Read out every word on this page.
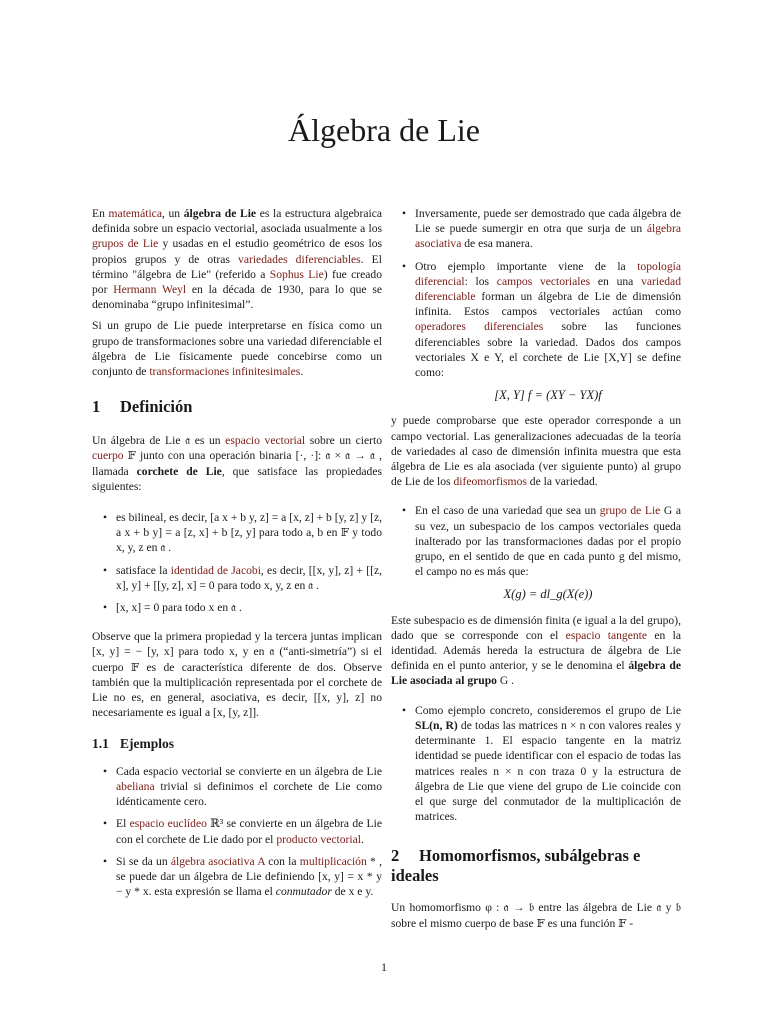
Álgebra de Lie

En matemática, un álgebra de Lie es la estructura algebraica definida sobre un espacio vectorial, asociada usualmente a los grupos de Lie y usadas en el estudio geométrico de esos los propios grupos y de otras variedades diferenciables. El término "álgebra de Lie" (referido a Sophus Lie) fue creado por Hermann Weyl en la década de 1930, para lo que se denominaba “grupo infinitesimal”.

Si un grupo de Lie puede interpretarse en física como un grupo de transformaciones sobre una variedad diferenciable el álgebra de Lie físicamente puede concebirse como un conjunto de transformaciones infinitesimales.

1 Definición

Un álgebra de Lie 𝔞 es un espacio vectorial sobre un cierto cuerpo 𝔽 junto con una operación binaria [·, ·]: 𝔞 × 𝔞 → 𝔞 , llamada corchete de Lie, que satisface las propiedades siguientes:

• es bilineal, es decir, [a x + b y, z] = a [x, z] + b [y, z] y [z, a x + b y] = a [z, x] + b [z, y] para todo a, b en 𝔽 y todo x, y, z en 𝔞 .
• satisface la identidad de Jacobi, es decir, [[x, y], z] + [[z, x], y] + [[y, z], x] = 0 para todo x, y, z en 𝔞 .
• [x, x] = 0 para todo x en 𝔞 .

Observe que la primera propiedad y la tercera juntas implican [x, y] = − [y, x] para todo x, y en 𝔞 (“anti-simetría”) si el cuerpo 𝔽 es de característica diferente de dos. Observe también que la multiplicación representada por el corchete de Lie no es, en general, asociativa, es decir, [[x, y], z] no necesariamente es igual a [x, [y, z]].

1.1 Ejemplos
• Cada espacio vectorial se convierte en un álgebra de Lie abeliana trivial si definimos el corchete de Lie como idénticamente cero.
• El espacio euclídeo ℝ³ se convierte en un álgebra de Lie con el corchete de Lie dado por el producto vectorial.
• Si se da un álgebra asociativa A con la multiplicación * , se puede dar un álgebra de Lie definiendo [x, y] = x * y − y * x. esta expresión se llama el conmutador de x e y.
• Inversamente, puede ser demostrado que cada álgebra de Lie se puede sumergir en otra que surja de un álgebra asociativa de esa manera.
• Otro ejemplo importante viene de la topología diferencial: los campos vectoriales en una variedad diferenciable forman un álgebra de Lie de dimensión infinita. Estos campos vectoriales actúan como operadores diferenciales sobre las funciones diferenciables sobre la variedad. Dados dos campos vectoriales X e Y, el corchete de Lie [X,Y] se define como:
[X, Y] f = (XY − YX)f

y puede comprobarse que este operador corresponde a un campo vectorial. Las generalizaciones adecuadas de la teoría de variedades al caso de dimensión infinita muestra que esta álgebra de Lie es ala asociada (ver siguiente punto) al grupo de Lie de los difeomorfismos de la variedad.

• En el caso de una variedad que sea un grupo de Lie G a su vez, un subespacio de los campos vectoriales queda inalterado por las transformaciones dadas por el propio grupo, en el sentido de que en cada punto g del mismo, el campo no es más que:
X(g) = dl_g(X(e))

Este subespacio es de dimensión finita (e igual a la del grupo), dado que se corresponde con el espacio tangente en la identidad. Además hereda la estructura de álgebra de Lie definida en el punto anterior, y se le denomina el álgebra de Lie asociada al grupo G .

• Como ejemplo concreto, consideremos el grupo de Lie SL(n, R) de todas las matrices n × n con valores reales y determinante 1. El espacio tangente en la matriz identidad se puede identificar con el espacio de todas las matrices reales n × n con traza 0 y la estructura de álgebra de Lie que viene del grupo de Lie coincide con el que surge del conmutador de la multiplicación de matrices.
2 Homomorfismos, subálgebras e ideales

Un homomorfismo φ : 𝔞 → 𝔟 entre las álgebra de Lie 𝔞 y 𝔟 sobre el mismo cuerpo de base 𝔽 es una función 𝔽 -

1
